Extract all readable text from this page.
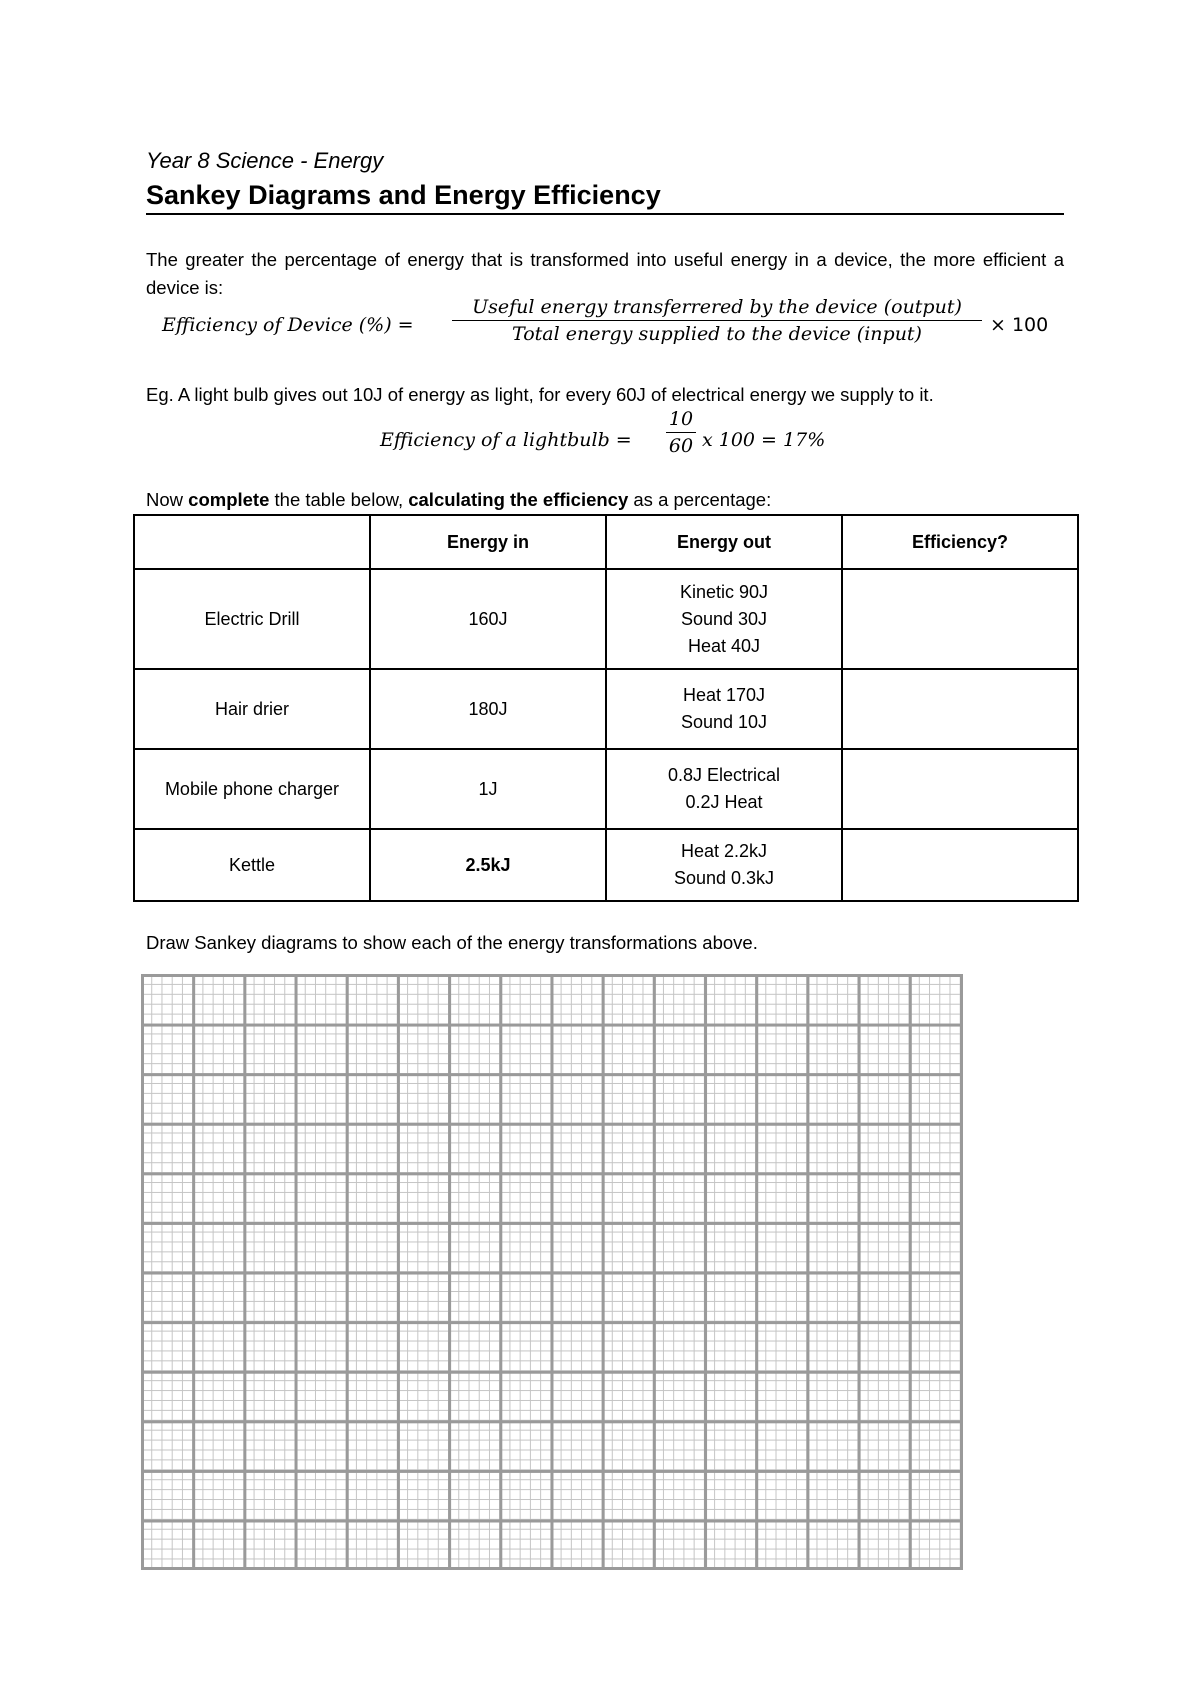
Year 8 Science - Energy
Sankey Diagrams and Energy Efficiency
The greater the percentage of energy that is transformed into useful energy in a device, the more efficient a device is:
Efficiency of Device (%) =
Useful energy transferrered by the device (output)
Total energy supplied to the device (input)	× 100
Eg. A light bulb gives out 10J of energy as light, for every 60J of electrical energy we supply to it.
Efficiency of a lightbulb =
10
60 x 100 = 17%
Now complete the table below, calculating the efficiency as a percentage:
	Energy in	Energy out	Efficiency?
Electric Drill	160J	Kinetic 90J
Sound 30J
Heat 40J	

Hair drier	180J	Heat 170J
Sound 10J	

Mobile phone charger	1J	0.8J Electrical
0.2J Heat	

Kettle	2.5kJ	Heat 2.2kJ
Sound 0.3kJ	

Draw Sankey diagrams to show each of the energy transformations above.
